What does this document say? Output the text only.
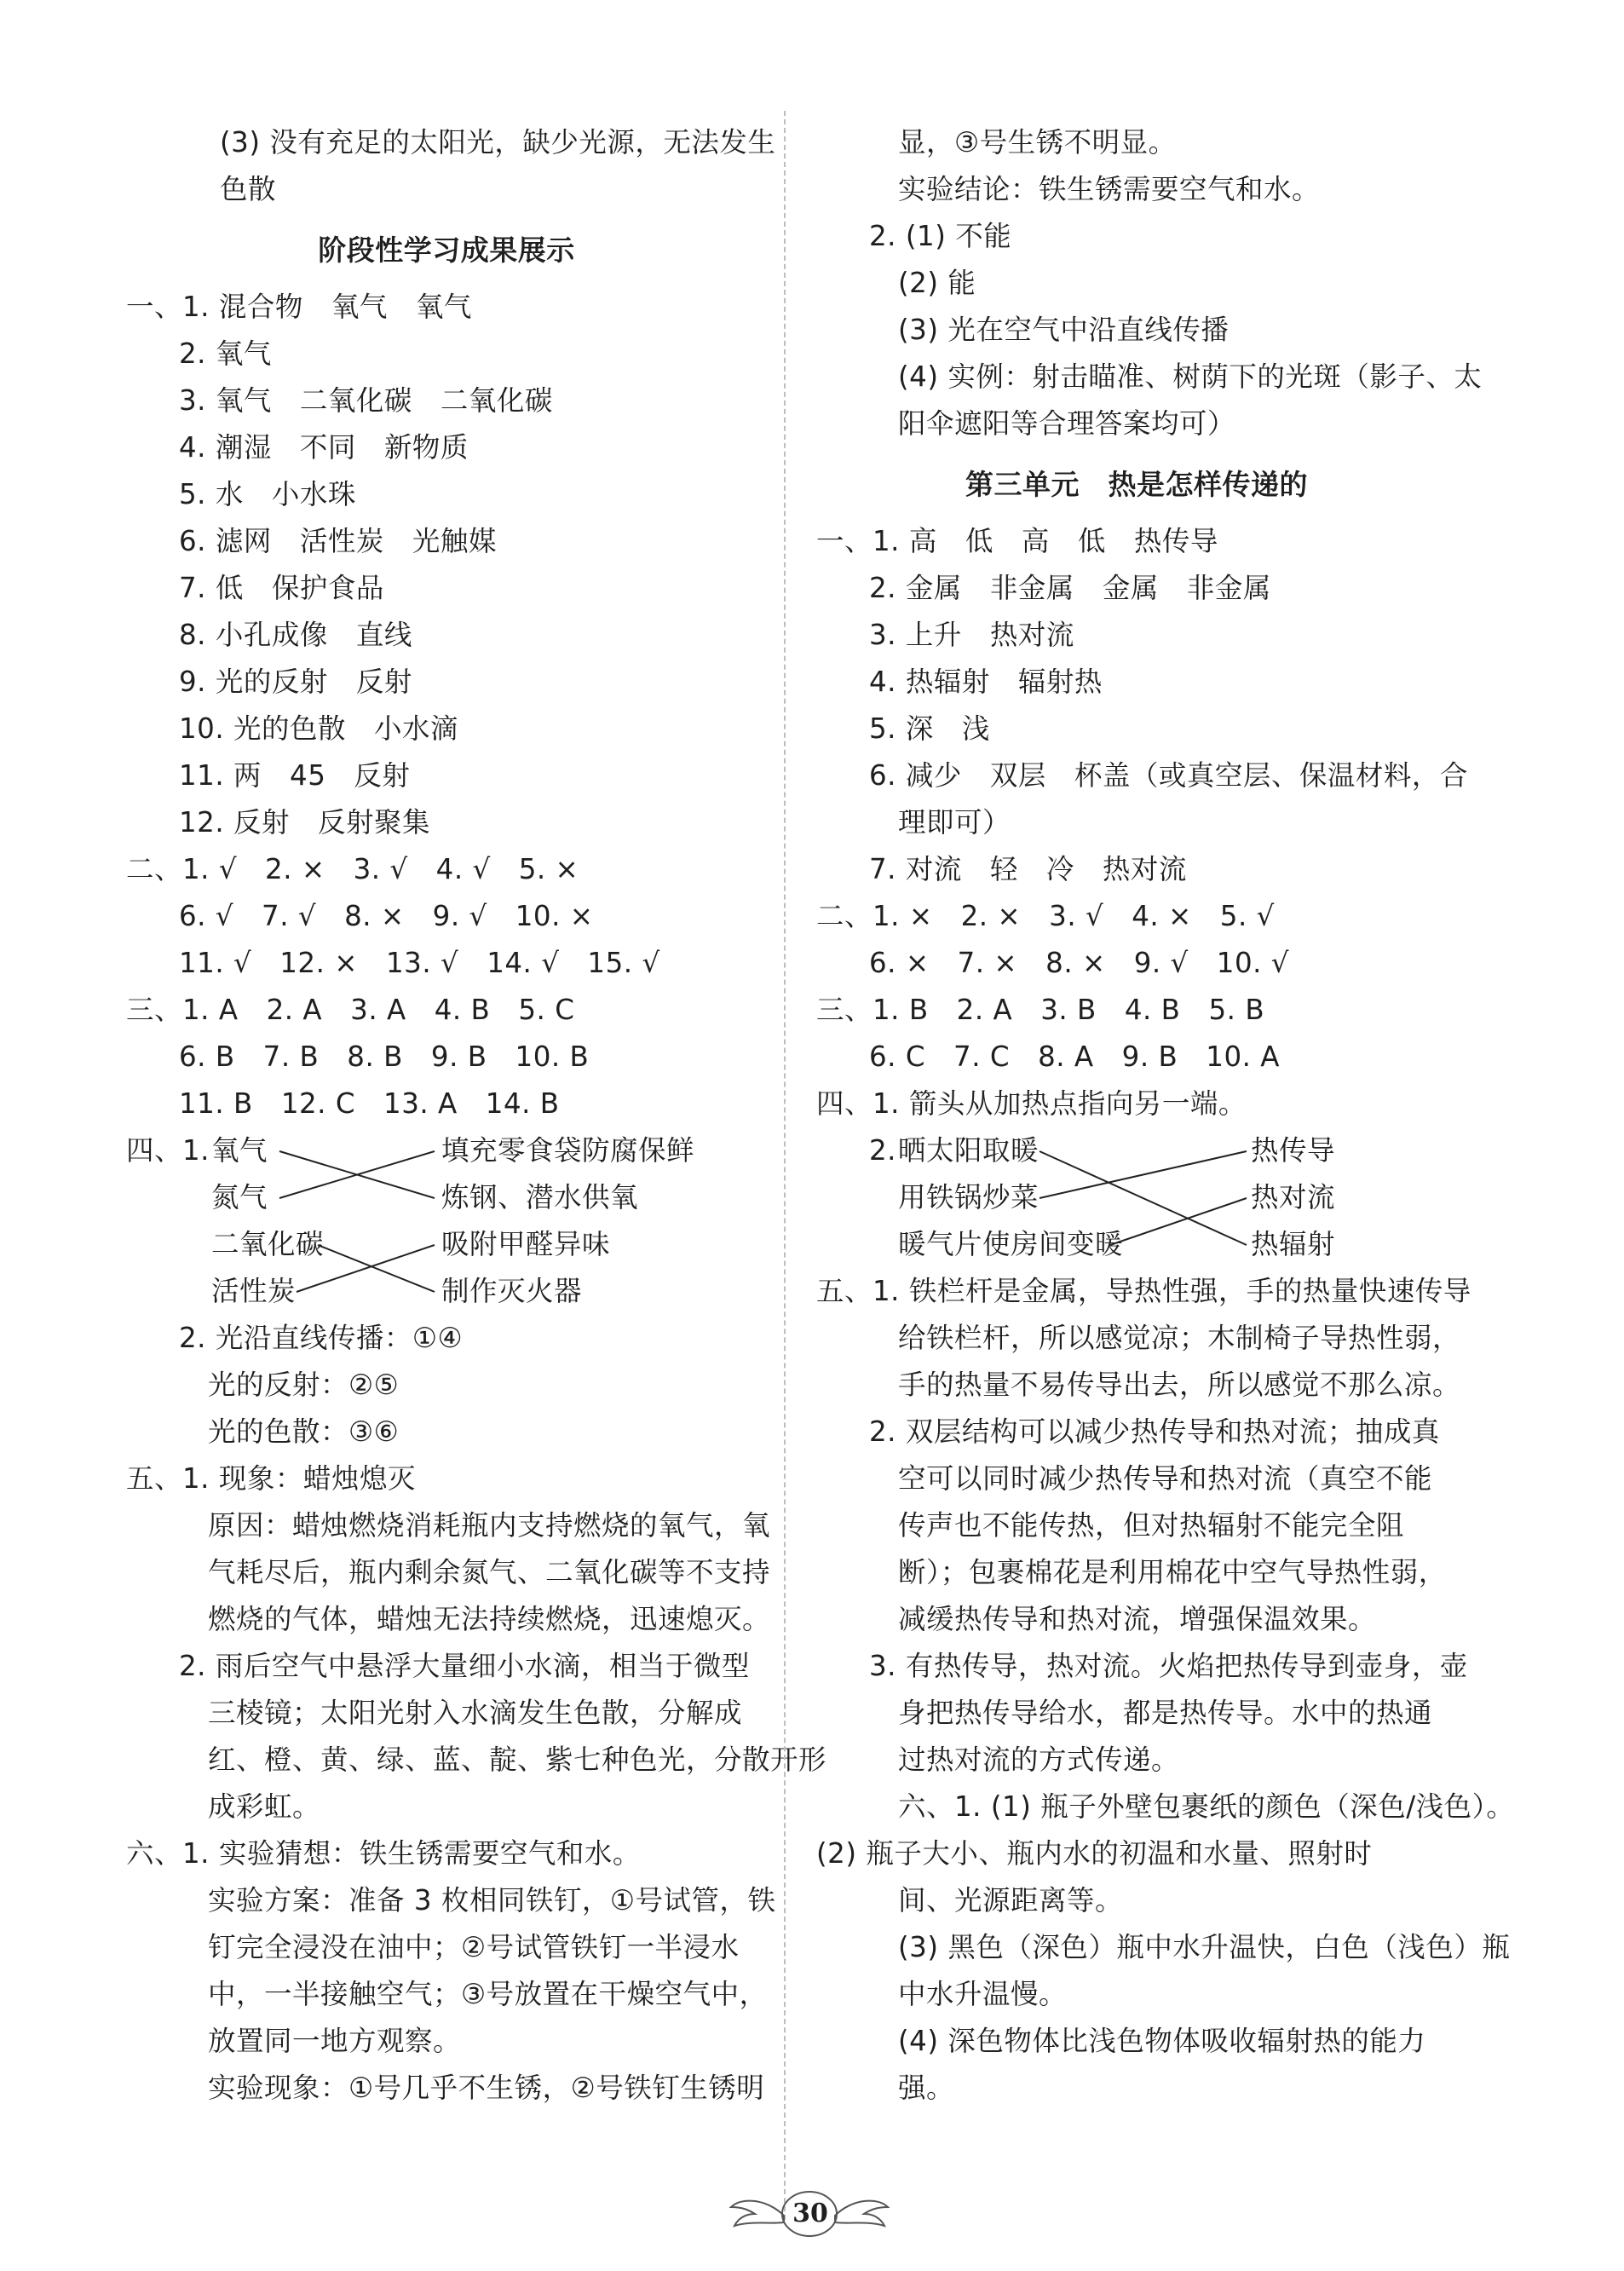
(3) 没有充足的太阳光，缺少光源，无法发生
色散
阶段性学习成果展示
一、1. 混合物　氧气　氧气
2. 氧气
3. 氧气　二氧化碳　二氧化碳
4. 潮湿　不同　新物质
5. 水　小水珠
6. 滤网　活性炭　光触媒
7. 低　保护食品
8. 小孔成像　直线
9. 光的反射　反射
10. 光的色散　小水滴
11. 两　45　反射
12. 反射　反射聚集
二、1. √　2. ×　3. √　4. √　5. ×
6. √　7. √　8. ×　9. √　10. ×
11. √　12. ×　13. √　14. √　15. √
三、1. A　2. A　3. A　4. B　5. C
6. B　7. B　8. B　9. B　10. B
11. B　12. C　13. A　14. B
四、1. 氧气
氮气
二氧化碳
活性炭
填充零食袋防腐保鲜
炼钢、潜水供氧
吸附甲醛异味
制作灭火器
2. 光沿直线传播：①④
光的反射：②⑤
光的色散：③⑥
五、1. 现象：蜡烛熄灭
原因：蜡烛燃烧消耗瓶内支持燃烧的氧气，氧
气耗尽后，瓶内剩余氮气、二氧化碳等不支持
燃烧的气体，蜡烛无法持续燃烧，迅速熄灭。
2. 雨后空气中悬浮大量细小水滴，相当于微型
三棱镜；太阳光射入水滴发生色散，分解成
红、橙、黄、绿、蓝、靛、紫七种色光，分散开形
成彩虹。
六、1. 实验猜想：铁生锈需要空气和水。
实验方案：准备 3 枚相同铁钉，①号试管，铁
钉完全浸没在油中；②号试管铁钉一半浸水
中，一半接触空气；③号放置在干燥空气中，
放置同一地方观察。
实验现象：①号几乎不生锈，②号铁钉生锈明
显，③号生锈不明显。
实验结论：铁生锈需要空气和水。
2. (1) 不能
(2) 能
(3) 光在空气中沿直线传播
(4) 实例：射击瞄准、树荫下的光斑（影子、太
阳伞遮阳等合理答案均可）
第三单元　热是怎样传递的
一、1. 高　低　高　低　热传导
2. 金属　非金属　金属　非金属
3. 上升　热对流
4. 热辐射　辐射热
5. 深　浅
6. 减少　双层　杯盖（或真空层、保温材料，合
理即可）
7. 对流　轻　冷　热对流
二、1. ×　2. ×　3. √　4. ×　5. √
6. ×　7. ×　8. ×　9. √　10. √
三、1. B　2. A　3. B　4. B　5. B
6. C　7. C　8. A　9. B　10. A
四、1. 箭头从加热点指向另一端。
2. 晒太阳取暖
用铁锅炒菜
暖气片使房间变暖
热传导
热对流
热辐射
五、1. 铁栏杆是金属，导热性强，手的热量快速传导
给铁栏杆，所以感觉凉；木制椅子导热性弱，
手的热量不易传导出去，所以感觉不那么凉。
2. 双层结构可以减少热传导和热对流；抽成真
空可以同时减少热传导和热对流（真空不能
传声也不能传热，但对热辐射不能完全阻
断）；包裹棉花是利用棉花中空气导热性弱，
减缓热传导和热对流，增强保温效果。
3. 有热传导，热对流。火焰把热传导到壶身，壶
身把热传导给水，都是热传导。水中的热通
过热对流的方式传递。
六、1. (1) 瓶子外壁包裹纸的颜色（深色/浅色）。
(2) 瓶子大小、瓶内水的初温和水量、照射时
间、光源距离等。
(3) 黑色（深色）瓶中水升温快，白色（浅色）瓶
中水升温慢。
(4) 深色物体比浅色物体吸收辐射热的能力
强。
30
